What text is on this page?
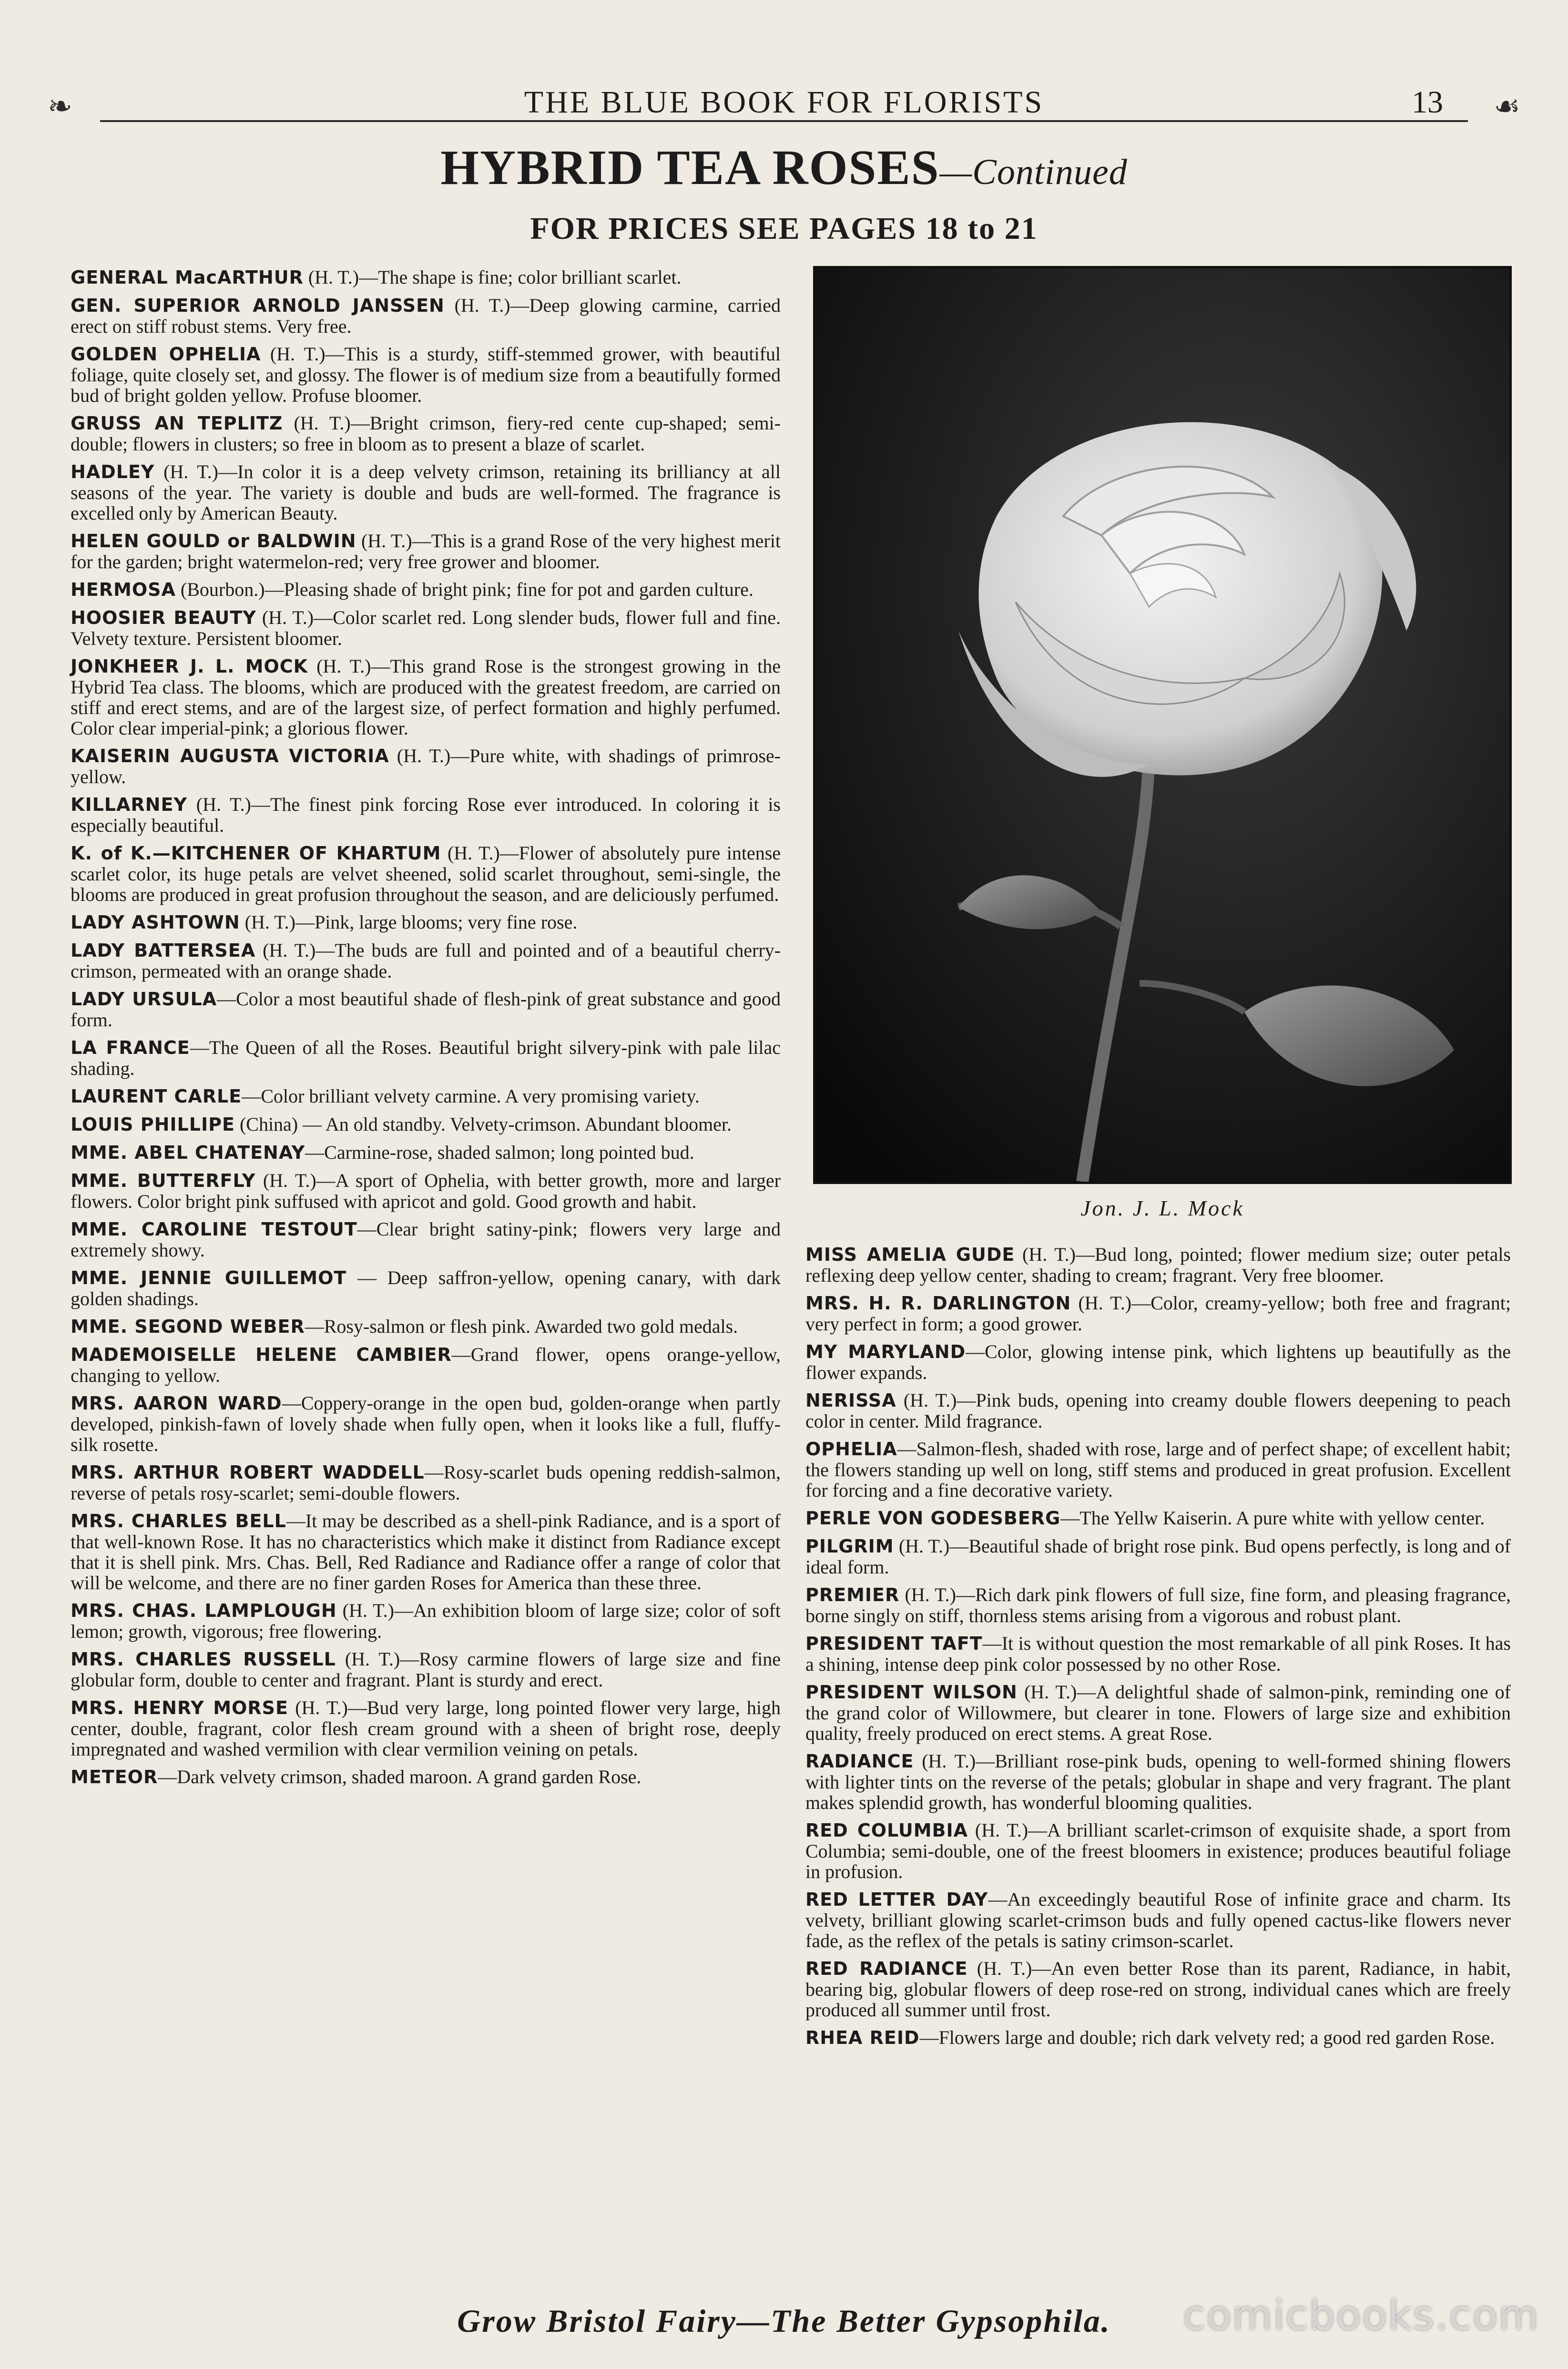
❧	THE BLUE BOOK FOR FLORISTS	13 ☙
HYBRID TEA ROSES—Continued
FOR PRICES SEE PAGES 18 to 21

GENERAL MacARTHUR (H. T.)—The shape is fine; color brilliant scarlet.

GEN. SUPERIOR ARNOLD JANSSEN (H. T.)—Deep glowing carmine, carried erect on stiff robust stems. Very free.

GOLDEN OPHELIA (H. T.)—This is a sturdy, stiff-stemmed grower, with beautiful foliage, quite closely set, and glossy. The flower is of medium size from a beautifully formed bud of bright golden yellow. Profuse bloomer.

GRUSS AN TEPLITZ (H. T.)—Bright crimson, fiery-red cente cup-shaped; semi-double; flowers in clusters; so free in bloom as to present a blaze of scarlet.

HADLEY (H. T.)—In color it is a deep velvety crimson, retaining its brilliancy at all seasons of the year. The variety is double and buds are well-formed. The fragrance is excelled only by American Beauty.

HELEN GOULD or BALDWIN (H. T.)—This is a grand Rose of the very highest merit for the garden; bright watermelon-red; very free grower and bloomer.

HERMOSA (Bourbon.)—Pleasing shade of bright pink; fine for pot and garden culture.

HOOSIER BEAUTY (H. T.)—Color scarlet red. Long slender buds, flower full and fine. Velvety texture. Persistent bloomer.

JONKHEER J. L. MOCK (H. T.)—This grand Rose is the strongest growing in the Hybrid Tea class. The blooms, which are produced with the greatest freedom, are carried on stiff and erect stems, and are of the largest size, of perfect formation and highly perfumed. Color clear imperial-pink; a glorious flower.

KAISERIN AUGUSTA VICTORIA (H. T.)—Pure white, with shadings of primrose-yellow.

KILLARNEY (H. T.)—The finest pink forcing Rose ever introduced. In coloring it is especially beautiful.

K. of K.—KITCHENER OF KHARTUM (H. T.)—Flower of absolutely pure intense scarlet color, its huge petals are velvet sheened, solid scarlet throughout, semi-single, the blooms are produced in great profusion throughout the season, and are deliciously perfumed.

LADY ASHTOWN (H. T.)—Pink, large blooms; very fine rose.

LADY BATTERSEA (H. T.)—The buds are full and pointed and of a beautiful cherry-crimson, permeated with an orange shade.

LADY URSULA—Color a most beautiful shade of flesh-pink of great substance and good form.

LA FRANCE—The Queen of all the Roses. Beautiful bright silvery-pink with pale lilac shading.

LAURENT CARLE—Color brilliant velvety carmine. A very promising variety.

LOUIS PHILLIPE (China) — An old standby. Velvety-crimson. Abundant bloomer.

MME. ABEL CHATENAY—Carmine-rose, shaded salmon; long pointed bud.

MME. BUTTERFLY (H. T.)—A sport of Ophelia, with better growth, more and larger flowers. Color bright pink suffused with apricot and gold. Good growth and habit.

MME. CAROLINE TESTOUT—Clear bright satiny-pink; flowers very large and extremely showy.

MME. JENNIE GUILLEMOT — Deep saffron-yellow, opening canary, with dark golden shadings.

MME. SEGOND WEBER—Rosy-salmon or flesh pink. Awarded two gold medals.

MADEMOISELLE HELENE CAMBIER—Grand flower, opens orange-yellow, changing to yellow.

MRS. AARON WARD—Coppery-orange in the open bud, golden-orange when partly developed, pinkish-fawn of lovely shade when fully open, when it looks like a full, fluffy-silk rosette.

MRS. ARTHUR ROBERT WADDELL—Rosy-scarlet buds opening reddish-salmon, reverse of petals rosy-scarlet; semi-double flowers.

MRS. CHARLES BELL—It may be described as a shell-pink Radiance, and is a sport of that well-known Rose. It has no characteristics which make it distinct from Radiance except that it is shell pink. Mrs. Chas. Bell, Red Radiance and Radiance offer a range of color that will be welcome, and there are no finer garden Roses for America than these three.

MRS. CHAS. LAMPLOUGH (H. T.)—An exhibition bloom of large size; color of soft lemon; growth, vigorous; free flowering.

MRS. CHARLES RUSSELL (H. T.)—Rosy carmine flowers of large size and fine globular form, double to center and fragrant. Plant is sturdy and erect.

MRS. HENRY MORSE (H. T.)—Bud very large, long pointed flower very large, high center, double, fragrant, color flesh cream ground with a sheen of bright rose, deeply impregnated and washed vermilion with clear vermilion veining on petals.

METEOR—Dark velvety crimson, shaded maroon. A grand garden Rose.

Jon. J. L. Mock

MISS AMELIA GUDE (H. T.)—Bud long, pointed; flower medium size; outer petals reflexing deep yellow center, shading to cream; fragrant. Very free bloomer.

MRS. H. R. DARLINGTON (H. T.)—Color, creamy-yellow; both free and fragrant; very perfect in form; a good grower.

MY MARYLAND—Color, glowing intense pink, which lightens up beautifully as the flower expands.

NERISSA (H. T.)—Pink buds, opening into creamy double flowers deepening to peach color in center. Mild fragrance.

OPHELIA—Salmon-flesh, shaded with rose, large and of perfect shape; of excellent habit; the flowers standing up well on long, stiff stems and produced in great profusion. Excellent for forcing and a fine decorative variety.

PERLE VON GODESBERG—The Yellw Kaiserin. A pure white with yellow center.

PILGRIM (H. T.)—Beautiful shade of bright rose pink. Bud opens perfectly, is long and of ideal form.

PREMIER (H. T.)—Rich dark pink flowers of full size, fine form, and pleasing fragrance, borne singly on stiff, thornless stems arising from a vigorous and robust plant.

PRESIDENT TAFT—It is without question the most remarkable of all pink Roses. It has a shining, intense deep pink color possessed by no other Rose.

PRESIDENT WILSON (H. T.)—A delightful shade of salmon-pink, reminding one of the grand color of Willowmere, but clearer in tone. Flowers of large size and exhibition quality, freely produced on erect stems. A great Rose.

RADIANCE (H. T.)—Brilliant rose-pink buds, opening to well-formed shining flowers with lighter tints on the reverse of the petals; globular in shape and very fragrant. The plant makes splendid growth, has wonderful blooming qualities.

RED COLUMBIA (H. T.)—A brilliant scarlet-crimson of exquisite shade, a sport from Columbia; semi-double, one of the freest bloomers in existence; produces beautiful foliage in profusion.

RED LETTER DAY—An exceedingly beautiful Rose of infinite grace and charm. Its velvety, brilliant glowing scarlet-crimson buds and fully opened cactus-like flowers never fade, as the reflex of the petals is satiny crimson-scarlet.

RED RADIANCE (H. T.)—An even better Rose than its parent, Radiance, in habit, bearing big, globular flowers of deep rose-red on strong, individual canes which are freely produced all summer until frost.

RHEA REID—Flowers large and double; rich dark velvety red; a good red garden Rose.

Grow Bristol Fairy—The Better Gypsophila.	comicbooks.com
